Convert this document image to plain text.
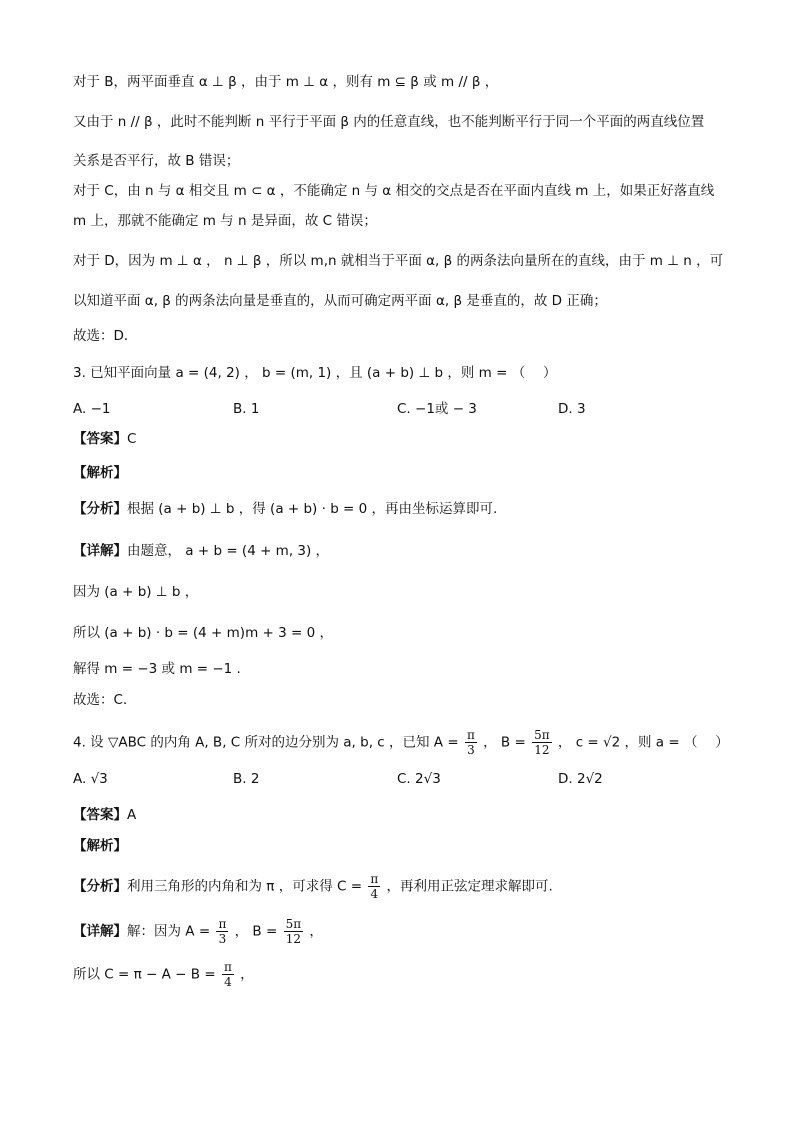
对于 B，两平面垂直 α ⊥ β ，由于 m ⊥ α ，则有 m ⊆ β 或 m // β ，
又由于 n // β ，此时不能判断 n 平行于平面 β 内的任意直线，也不能判断平行于同一个平面的两直线位置
关系是否平行，故 B 错误；
对于 C，由 n 与 α 相交且 m ⊂ α ，不能确定 n 与 α 相交的交点是否在平面内直线 m 上，如果正好落直线
m 上，那就不能确定 m 与 n 是异面，故 C 错误；
对于 D，因为 m ⊥ α ， n ⊥ β ，所以 m,n 就相当于平面 α, β 的两条法向量所在的直线，由于 m ⊥ n ，可
以知道平面 α, β 的两条法向量是垂直的，从而可确定两平面 α, β 是垂直的，故 D 正确；
故选：D．
3. 已知平面向量 a = (4, 2) ， b = (m, 1) ，且 (a + b) ⊥ b ，则 m = （　 ）
A. −1	B. 1	C. −1或 − 3	D. 3
【答案】C
【解析】
【分析】根据 (a + b) ⊥ b ，得 (a + b) · b = 0 ，再由坐标运算即可.
【详解】由题意， a + b = (4 + m, 3) ，
因为 (a + b) ⊥ b ，
所以 (a + b) · b = (4 + m)m + 3 = 0 ，
解得 m = −3 或 m = −1 .
故选：C.
4. 设 ▽ABC 的内角 A, B, C 所对的边分别为 a, b, c ，已知 $A = \frac{\pi}{3}$ ， $B = \frac{5\pi}{12}$ ， c = √2 ，则 a = （　 ）
A. √3	B. 2	C. 2√3	D. 2√2
【答案】A
【解析】
【分析】利用三角形的内角和为 π ，可求得 $C = \frac{\pi}{4}$ ，再利用正弦定理求解即可.
【详解】解：因为 $A = \frac{\pi}{3}$ ， $B = \frac{5\pi}{12}$ ，
所以 $C = \pi - A - B = \frac{\pi}{4}$ ，
